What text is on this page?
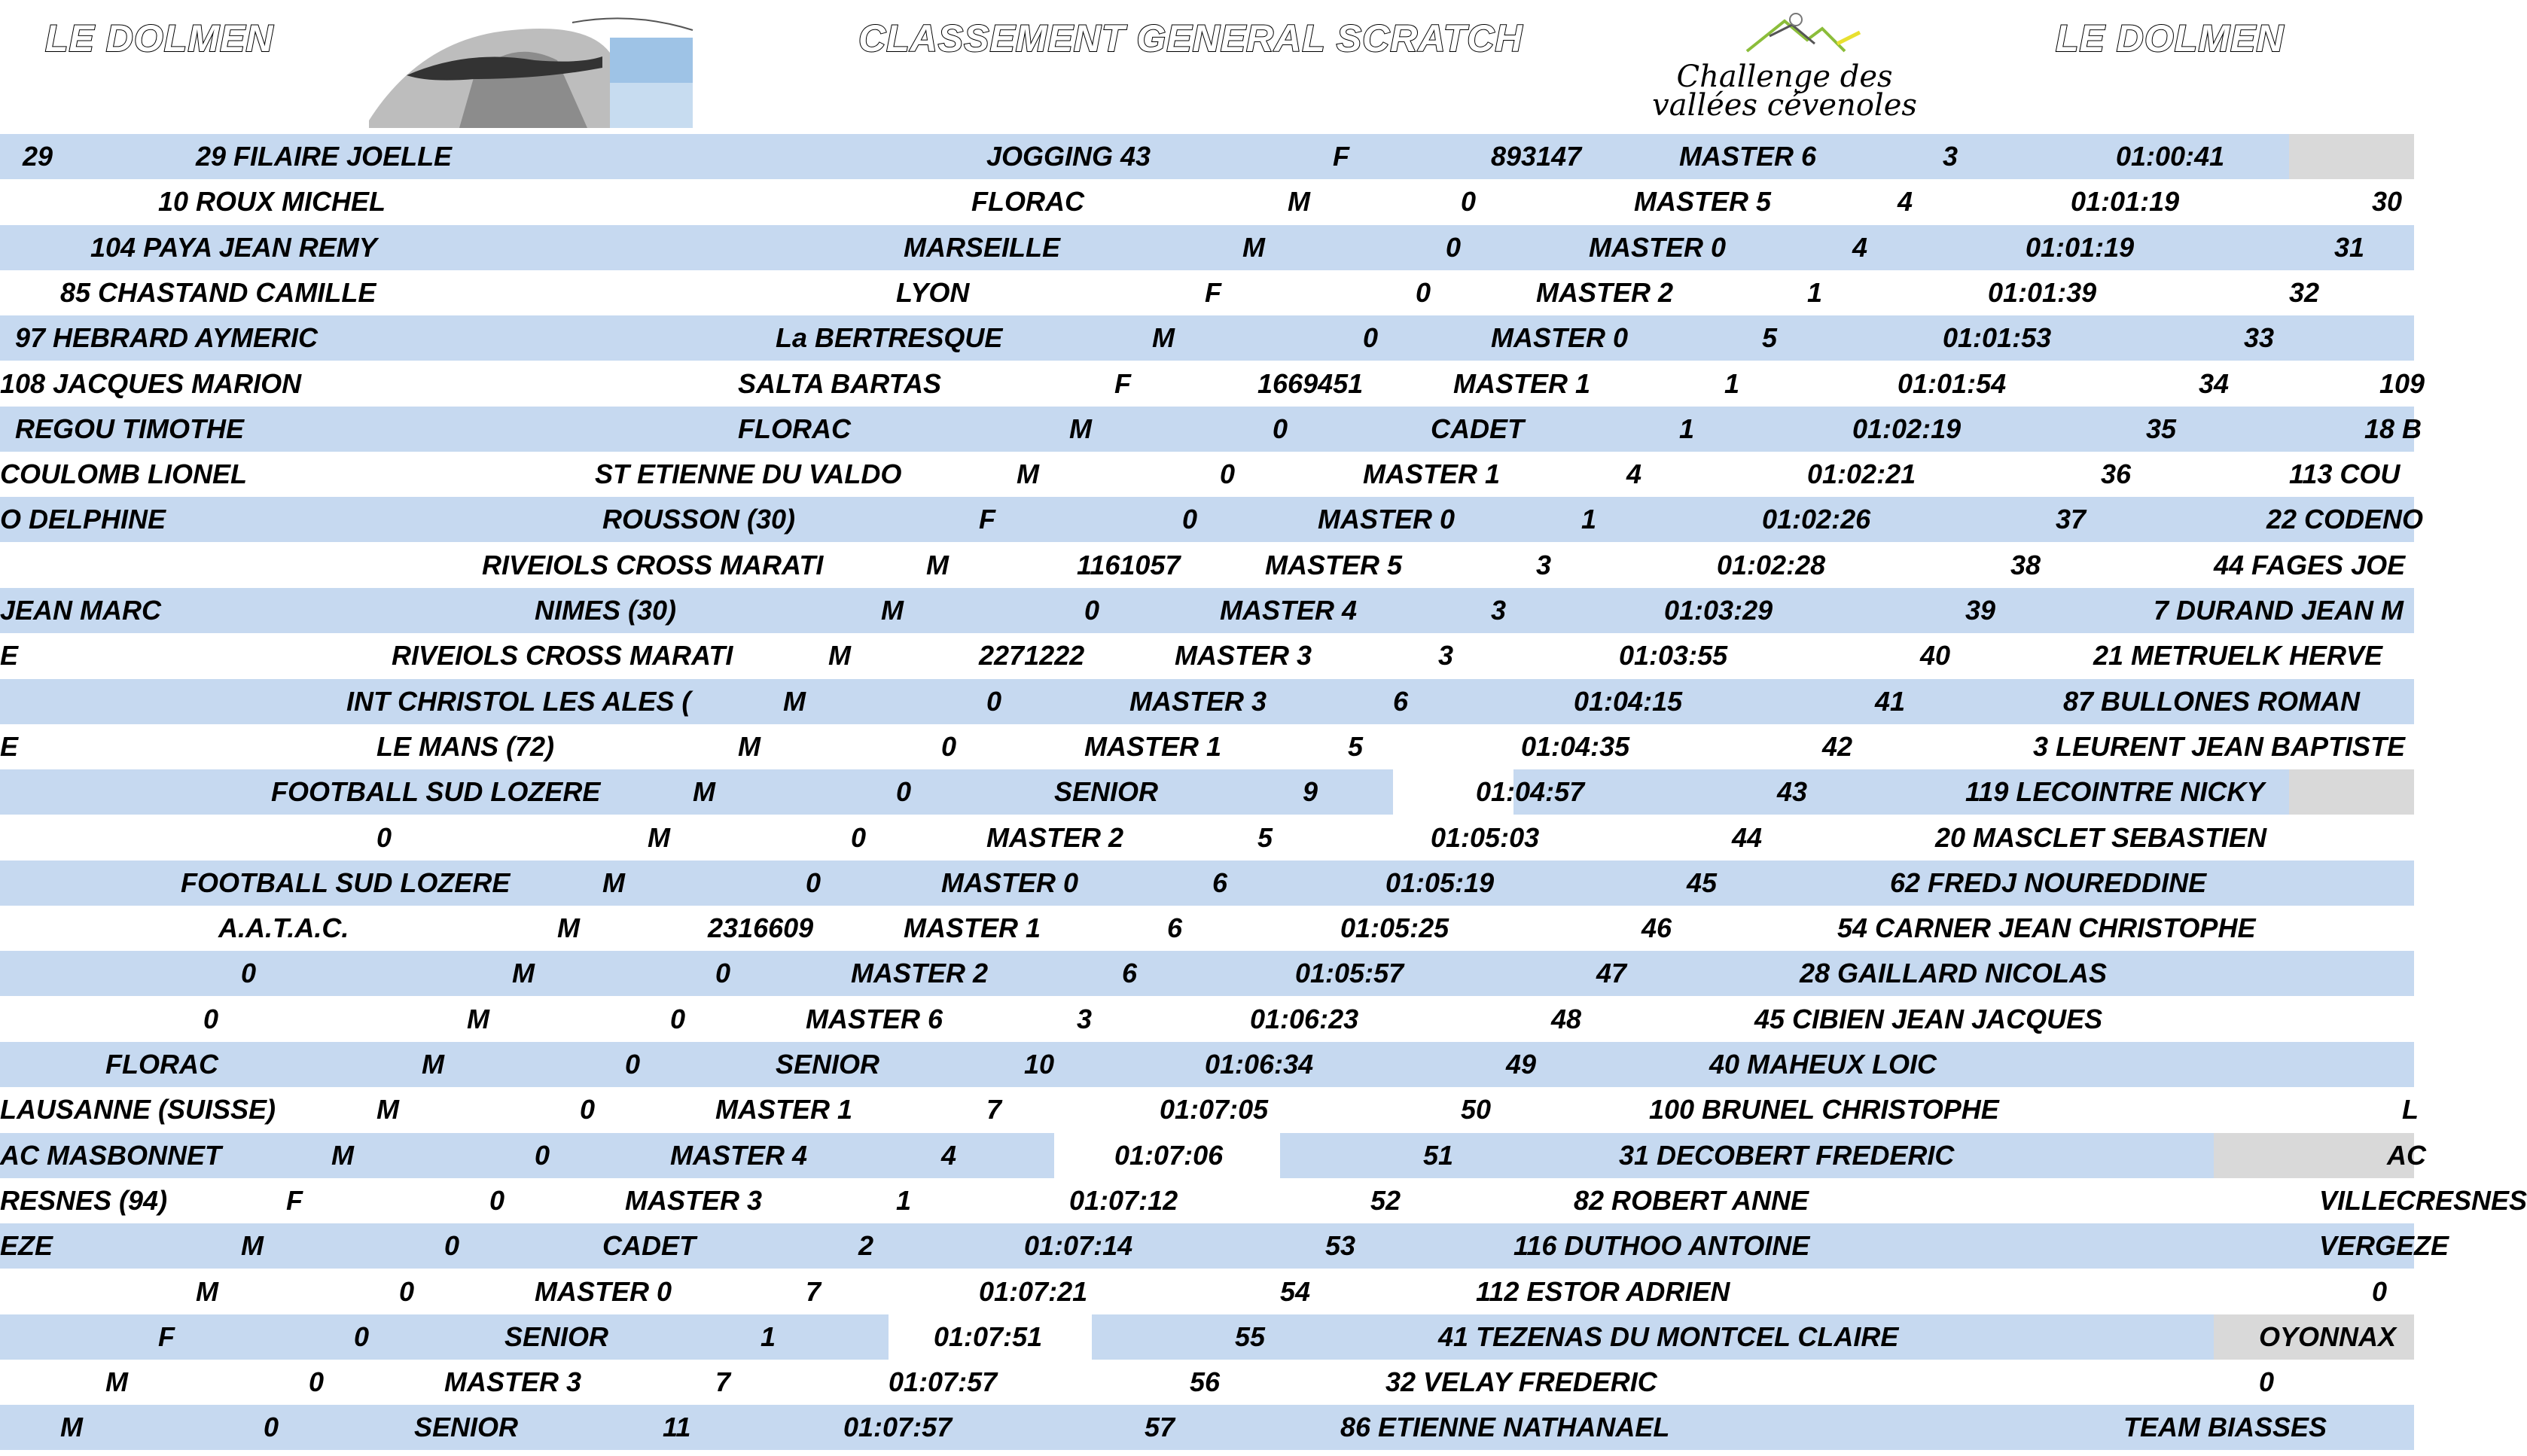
LE DOLMEN	CLASSEMENT GENERAL SCRATCH
Challenge des
vallées cévenoles
LE DOLMEN
29	29 FILAIRE JOELLE	JOGGING 43	F	893147	MASTER 6	3	01:00:41
10 ROUX MICHEL	FLORAC	M	0	MASTER 5	4	01:01:19	30
104 PAYA JEAN REMY	MARSEILLE	M	0	MASTER 0	4	01:01:19	31
85 CHASTAND CAMILLE	LYON	F	0	MASTER 2	1	01:01:39	32
97 HEBRARD AYMERIC	La BERTRESQUE	M	0	MASTER 0	5	01:01:53	33
108 JACQUES MARION	SALTA BARTAS	F	1669451	MASTER 1	1	01:01:54	34	109
REGOU TIMOTHE	FLORAC	M	0	CADET	1	01:02:19	35	18 B
COULOMB LIONEL	ST ETIENNE DU VALDO	M	0	MASTER 1	4	01:02:21	36	113 COU
O DELPHINE	ROUSSON (30)	F	0	MASTER 0	1	01:02:26	37	22 CODENO
RIVEIOLS CROSS MARATI	M	1161057	MASTER 5	3	01:02:28	38	44 FAGES JOE
JEAN MARC	NIMES (30)	M	0	MASTER 4	3	01:03:29	39	7 DURAND JEAN M
E	RIVEIOLS CROSS MARATI	M	2271222	MASTER 3	3	01:03:55	40	21 METRUELK HERVE
INT CHRISTOL LES ALES (	M	0	MASTER 3	6	01:04:15	41	87 BULLONES ROMAN
E	LE MANS (72)	M	0	MASTER 1	5	01:04:35	42	3 LEURENT JEAN BAPTISTE
FOOTBALL SUD LOZERE	M	0	SENIOR	9	01:04:57	43	119 LECOINTRE NICKY
0	M	0	MASTER 2	5	01:05:03	44	20 MASCLET SEBASTIEN
FOOTBALL SUD LOZERE	M	0	MASTER 0	6	01:05:19	45	62 FREDJ NOUREDDINE
A.A.T.A.C.	M	2316609	MASTER 1	6	01:05:25	46	54 CARNER JEAN CHRISTOPHE
0	M	0	MASTER 2	6	01:05:57	47	28 GAILLARD NICOLAS
0	M	0	MASTER 6	3	01:06:23	48	45 CIBIEN JEAN JACQUES
FLORAC	M	0	SENIOR	10	01:06:34	49	40 MAHEUX LOIC
LAUSANNE (SUISSE)	M	0	MASTER 1	7	01:07:05	50	100 BRUNEL CHRISTOPHE	L
AC MASBONNET	M	0	MASTER 4	4	01:07:06	51	31 DECOBERT FREDERIC	AC
RESNES (94)	F	0	MASTER 3	1	01:07:12	52	82 ROBERT ANNE	VILLECRESNES
EZE	M	0	CADET	2	01:07:14	53	116 DUTHOO ANTOINE	VERGEZE
M	0	MASTER 0	7	01:07:21	54	112 ESTOR ADRIEN	0
F	0	SENIOR	1	01:07:51	55	41 TEZENAS DU MONTCEL CLAIRE	OYONNAX
M	0	MASTER 3	7	01:07:57	56	32 VELAY FREDERIC	0
M	0	SENIOR	11	01:07:57	57	86 ETIENNE NATHANAEL	TEAM BIASSES
